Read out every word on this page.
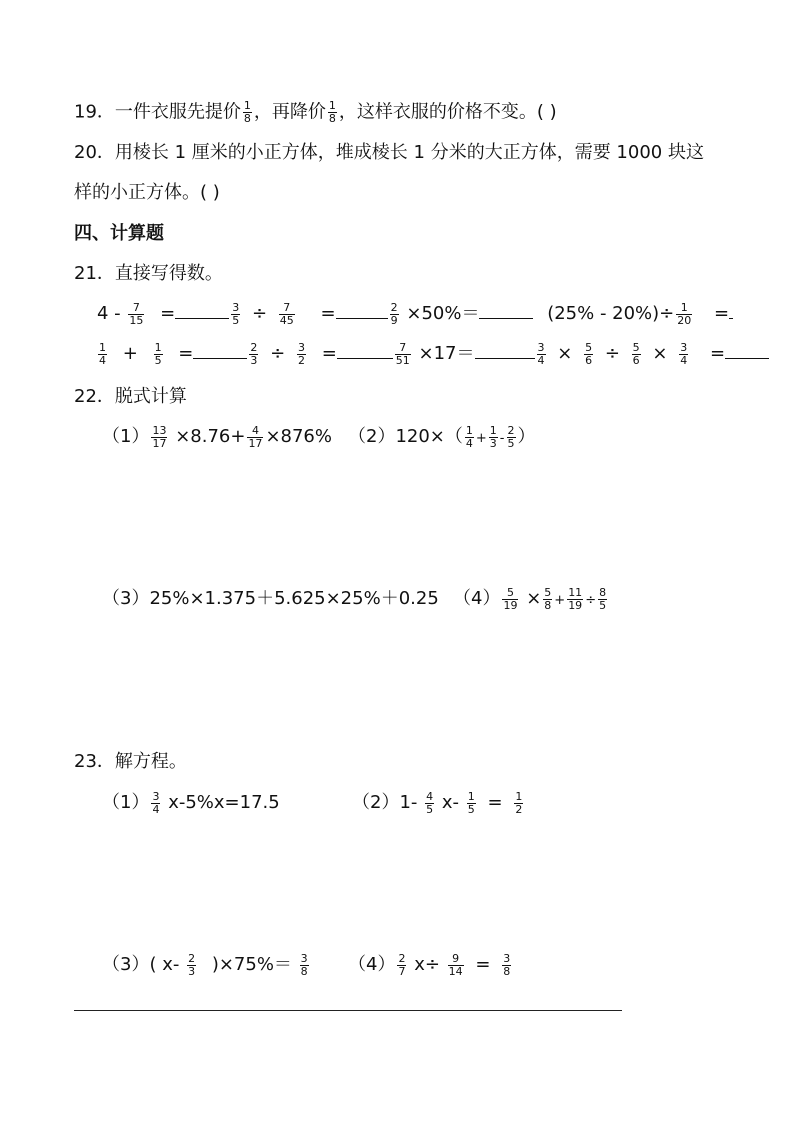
19．一件衣服先提价 $\frac{1}{8}$ ，再降价 $\frac{1}{8}$ ，这样衣服的价格不变。( )
20．用棱长 1 厘米的小正方体，堆成棱长 1 分米的大正方体，需要 1000 块这
样的小正方体。( )
四、计算题
21．直接写得数。
$4 - \frac{7}{15}$ =	$\frac{3}{5} \div \frac{7}{45}$ =	$\frac{2}{9} \times 50\%=$	$(25\% - 20\%)\div \frac{1}{20}$ =
$\frac{1}{4} + \frac{1}{5}$ =	$\frac{2}{3} \div \frac{3}{2}$ =	$\frac{7}{51} \times 17=$	$\frac{3}{4} \times \frac{5}{6} \div \frac{5}{6} \times \frac{3}{4}$ =
22．脱式计算
$(1) \frac{13}{17} \times 8.76+ \frac{4}{17} \times 876\%$ $(2)120\times( \frac{1}{4} + \frac{1}{3} - \frac{2}{5}$ ）
（3）25%×1.375＋5.625×25%＋0.25 $(4) \frac{5}{19} \times \frac{5}{8} + \frac{11}{19} \div \frac{8}{5}$
23．解方程。
$(1) \frac{3}{4} x-5\%x=17.5$	$(2)1- \frac{4}{5} x- \frac{1}{5} = \frac{1}{2}$
（3）( $x- \frac{2}{3} )\times 75\%= \frac{3}{8} (4) \frac{2}{7} x\div \frac{9}{14} = \frac{3}{8}$
